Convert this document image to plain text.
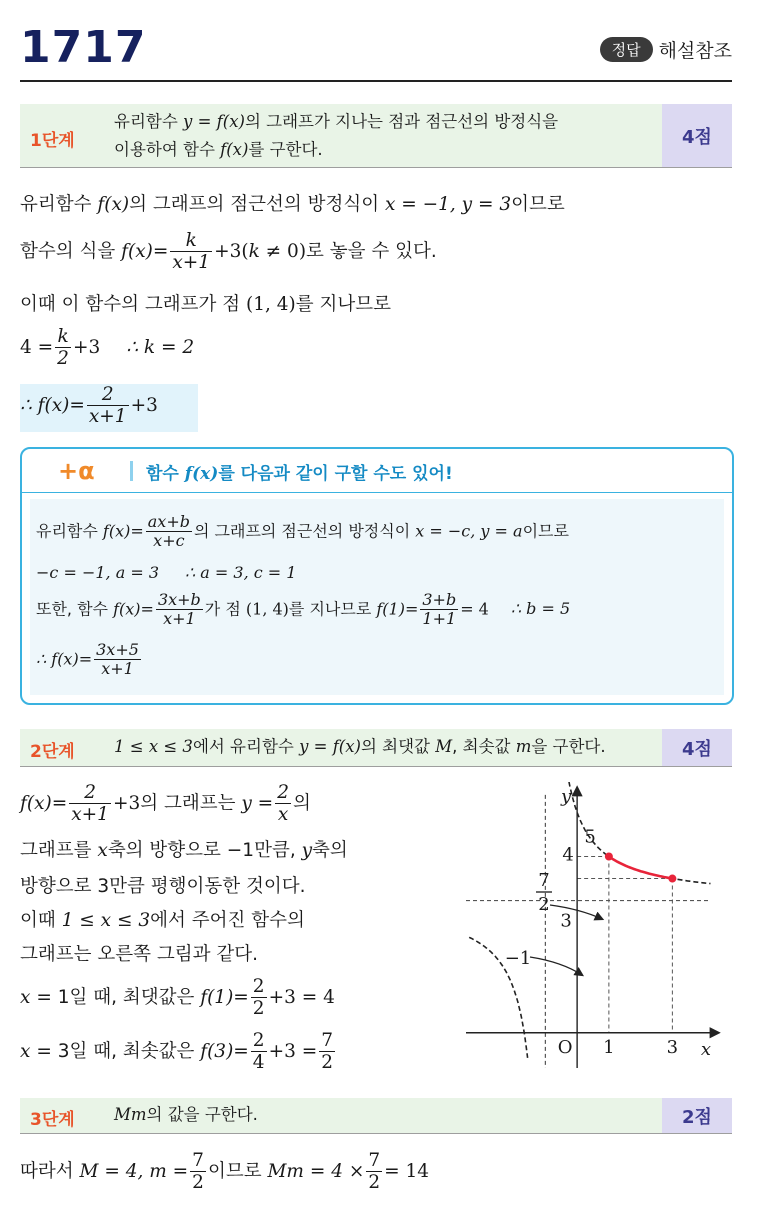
1717	정답 해설참조
1단계
유리함수 y = f(x)의 그래프가 지나는 점과 점근선의 방정식을
이용하여 함수 f(x)를 구한다.
4점
유리함수 f(x)의 그래프의 점근선의 방정식이 x = −1, y = 3이므로
함수의 식을 $f(x)= \frac{k}{x+1} +3(k \ne 0)$로 놓을 수 있다.
이때 이 함수의 그래프가 점 (1, 4)를 지나므로
$4 = \frac{k}{2} +3$ ∴ k = 2
∴ $f(x)= \frac{2}{x+1} +3$
+α	함수 f(x)를 다음과 같이 구할 수도 있어!
유리함수 $f(x)= \frac{ax+b}{x+c}$ 의 그래프의 점근선의 방정식이 x = −c, y = a이므로
−c = −1, a = 3 ∴ a = 3, c = 1
또한, 함수 $f(x)= \frac{3x+b}{x+1}$ 가 점 (1, 4)를 지나므로 $f(1)= \frac{3+b}{1+1} = 4$ ∴ b = 5
∴ $f(x)= \frac{3x+5}{x+1}$
2단계 1 ≤ x ≤ 3에서 유리함수 y = f(x)의 최댓값 M, 최솟값 m을 구한다.	4점
$f(x)= \frac{2}{x+1} +3$의 그래프는 $y = \frac{2}{x}$ 의
그래프를 x축의 방향으로 −1만큼, y축의
방향으로 3만큼 평행이동한 것이다.
이때 1 ≤ x ≤ 3에서 주어진 함수의
그래프는 오른쪽 그림과 같다.
x = 1일 때, 최댓값은 $f(1)= \frac{2}{2} +3 = 4$
x = 3일 때, 최솟값은 $f(3)= \frac{2}{4} +3 = \frac{7}{2}$
y
x
O 1	3
3
4
5
−1
7
2
3단계 Mm의 값을 구한다.	2점
따라서 M = 4, $m = \frac{7}{2}$ 이므로 $Mm = 4 \times \frac{7}{2} = 14$
